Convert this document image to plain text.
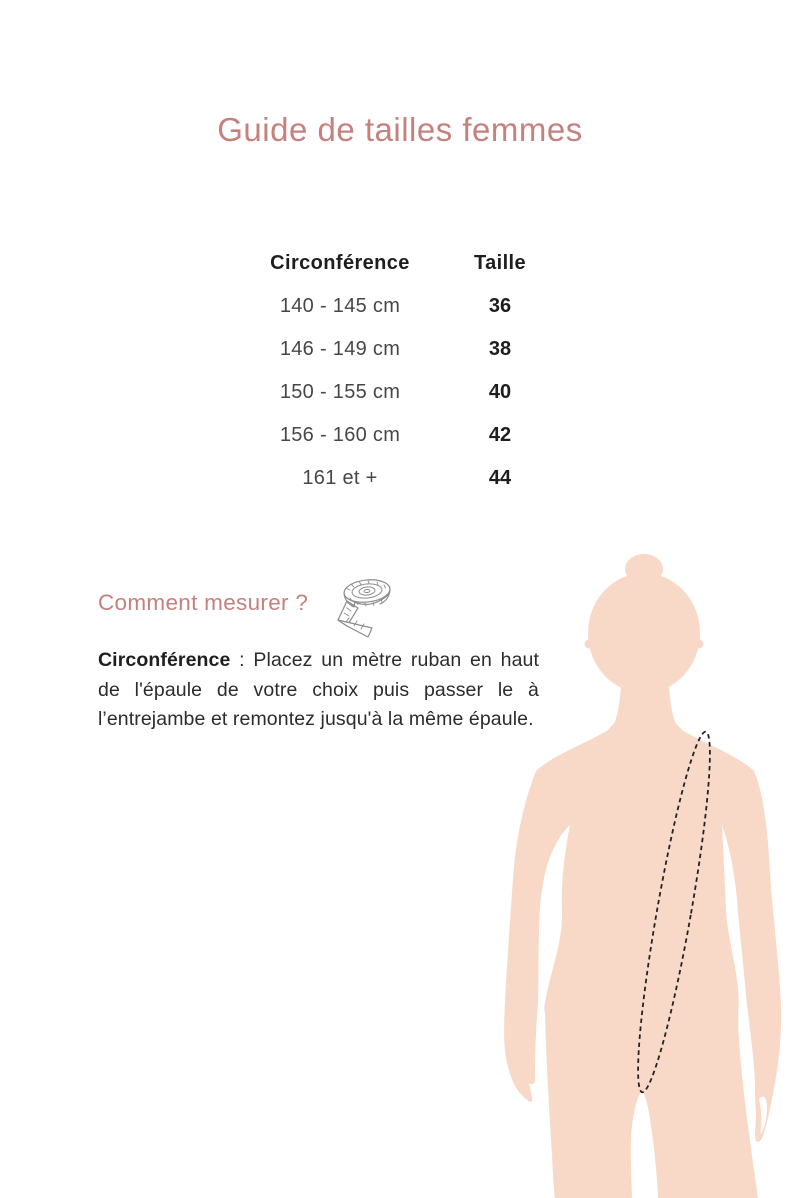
Guide de tailles femmes
Circonférence	Taille
140 - 145 cm	36
146 - 149 cm	38
150 - 155 cm	40
156 - 160 cm	42
161 et +	44
Comment mesurer ?

Circonférence : Placez un mètre ruban en haut de l'épaule de votre choix puis passer le à l’entrejambe et remontez jusqu'à la même épaule.
